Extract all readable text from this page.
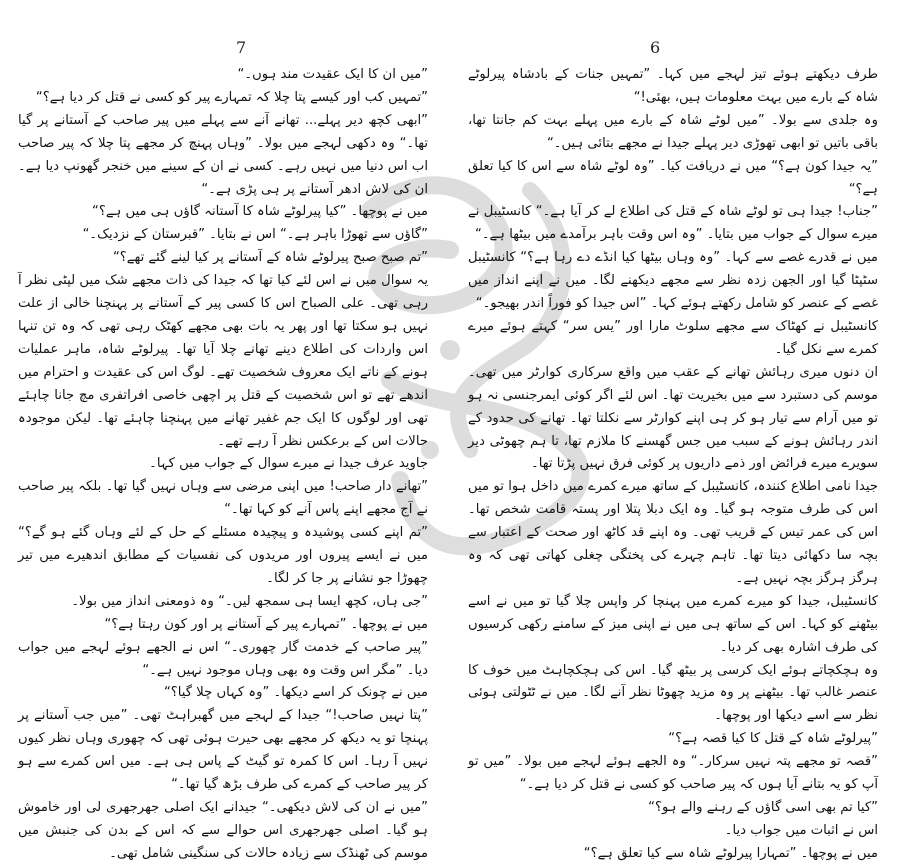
7	6

طرف دیکھتے ہوئے تیز لہجے میں کہا۔ ”تمہیں جنات کے بادشاہ پیرلوٹے شاہ کے بارے میں بہت معلومات ہیں، بھئی!“

وہ جلدی سے بولا۔ ”میں لوٹے شاہ کے بارے میں پہلے بہت کم جانتا تھا، باقی باتیں تو ابھی تھوڑی دیر پہلے جیدا نے مجھے بتائی ہیں۔“

”یہ جیدا کون ہے؟“ میں نے دریافت کیا۔ ”وہ لوٹے شاہ سے اس کا کیا تعلق ہے؟“

”جناب! جیدا ہی تو لوٹے شاہ کے قتل کی اطلاع لے کر آیا ہے۔“ کانسٹیبل نے میرے سوال کے جواب میں بتایا۔ ”وہ اس وقت باہر برآمدے میں بیٹھا ہے۔“

میں نے قدرے غصے سے کہا۔ ”وہ وہاں بیٹھا کیا انڈے دے رہا ہے؟“ کانسٹیبل سٹپٹا گیا اور الجھن زدہ نظر سے مجھے دیکھنے لگا۔ میں نے اپنے انداز میں غصے کے عنصر کو شامل رکھتے ہوئے کہا۔ ”اس جیدا کو فوراً اندر بھیجو۔“

کانسٹیبل نے کھٹاک سے مجھے سلوٹ مارا اور ”یس سر“ کہتے ہوئے میرے کمرے سے نکل گیا۔

ان دنوں میری رہائش تھانے کے عقب میں واقع سرکاری کوارٹر میں تھی۔ موسم کی دستبرد سے میں بخیریت تھا۔ اس لئے اگر کوئی ایمرجنسی نہ ہو تو میں آرام سے تیار ہو کر ہی اپنے کوارٹر سے نکلتا تھا۔ تھانے کی حدود کے اندر رہائش ہونے کے سبب میں جس گھسنے کا ملازم تھا، تا ہم چھوٹی دیر سویرے میرے فرائض اور ذمے داریوں پر کوئی فرق نہیں پڑتا تھا۔

جیدا نامی اطلاع کنندہ، کانسٹیبل کے ساتھ میرے کمرے میں داخل ہوا تو میں اس کی طرف متوجہ ہو گیا۔ وہ ایک دبلا پتلا اور پستہ قامت شخص تھا۔ اس کی عمر تیس کے قریب تھی۔ وہ اپنے قد کاٹھ اور صحت کے اعتبار سے بچہ سا دکھائی دیتا تھا۔ تاہم چہرے کی پختگی چغلی کھاتی تھی کہ وہ ہرگز ہرگز بچہ نہیں ہے۔

کانسٹیبل، جیدا کو میرے کمرے میں پہنچا کر واپس چلا گیا تو میں نے اسے بیٹھنے کو کہا۔ اس کے ساتھ ہی میں نے اپنی میز کے سامنے رکھی کرسیوں کی طرف اشارہ بھی کر دیا۔

وہ ہچکچاتے ہوئے ایک کرسی پر بیٹھ گیا۔ اس کی ہچکچاہٹ میں خوف کا عنصر غالب تھا۔ بیٹھنے پر وہ مزید چھوٹا نظر آنے لگا۔ میں نے ٹٹولتی ہوئی نظر سے اسے دیکھا اور پوچھا۔

”پیرلوٹے شاہ کے قتل کا کیا قصہ ہے؟“

”قصہ تو مجھے پتہ نہیں سرکار۔“ وہ الجھے ہوئے لہجے میں بولا۔ ”میں تو آپ کو یہ بتانے آیا ہوں کہ پیر صاحب کو کسی نے قتل کر دیا ہے۔“

”کیا تم بھی اسی گاؤں کے رہنے والے ہو؟“

اس نے اثبات میں جواب دیا۔

میں نے پوچھا۔ ”تمہارا پیرلوٹے شاہ سے کیا تعلق ہے؟“

”میں ان کا ایک عقیدت مند ہوں۔“

”تمہیں کب اور کیسے پتا چلا کہ تمہارے پیر کو کسی نے قتل کر دیا ہے؟“

”ابھی کچھ دیر پہلے... تھانے آنے سے پہلے میں پیر صاحب کے آستانے پر گیا تھا۔“ وہ دکھی لہجے میں بولا۔ ”وہاں پہنچ کر مجھے پتا چلا کہ پیر صاحب اب اس دنیا میں نہیں رہے۔ کسی نے ان کے سینے میں خنجر گھونپ دیا ہے۔ ان کی لاش ادھر آستانے پر ہی پڑی ہے۔“

میں نے پوچھا۔ ”کیا پیرلوٹے شاہ کا آستانہ گاؤں ہی میں ہے؟“

”گاؤں سے تھوڑا باہر ہے۔“ اس نے بتایا۔ ”قبرستان کے نزدیک۔“

”تم صبح صبح پیرلوٹے شاہ کے آستانے پر کیا لینے گئے تھے؟“

یہ سوال میں نے اس لئے کیا تھا کہ جیدا کی ذات مجھے شک میں لپٹی نظر آ رہی تھی۔ علی الصباح اس کا کسی پیر کے آستانے پر پہنچنا خالی از علت نہیں ہو سکتا تھا اور پھر یہ بات بھی مجھے کھٹک رہی تھی کہ وہ تن تنہا اس واردات کی اطلاع دینے تھانے چلا آیا تھا۔ پیرلوٹے شاہ، ماہر عملیات ہونے کے ناتے ایک معروف شخصیت تھے۔ لوگ اس کی عقیدت و احترام میں اندھے تھے تو اس شخصیت کے قتل پر اچھی خاصی افراتفری مچ جانا چاہئے تھی اور لوگوں کا ایک جم غفیر تھانے میں پہنچنا چاہئے تھا۔ لیکن موجودہ حالات اس کے برعکس نظر آ رہے تھے۔

جاوید عرف جیدا نے میرے سوال کے جواب میں کہا۔

”تھانے دار صاحب! میں اپنی مرضی سے وہاں نہیں گیا تھا۔ بلکہ پیر صاحب نے آج مجھے اپنے پاس آنے کو کہا تھا۔“

”تم اپنے کسی پوشیدہ و پیچیدہ مسئلے کے حل کے لئے وہاں گئے ہو گے؟“ میں نے ایسے پیروں اور مریدوں کی نفسیات کے مطابق اندھیرے میں تیر چھوڑا جو نشانے پر جا کر لگا۔

”جی ہاں، کچھ ایسا ہی سمجھ لیں۔“ وہ ذومعنی انداز میں بولا۔

میں نے پوچھا۔ ”تمہارے پیر کے آستانے پر اور کون رہتا ہے؟“

”پیر صاحب کے خدمت گار چھوری۔“ اس نے الجھے ہوئے لہجے میں جواب دیا۔ ”مگر اس وقت وہ بھی وہاں موجود نہیں ہے۔“

میں نے چونک کر اسے دیکھا۔ ”وہ کہاں چلا گیا؟“

”پتا نہیں صاحب!“ جیدا کے لہجے میں گھبراہٹ تھی۔ ”میں جب آستانے پر پہنچا تو یہ دیکھ کر مجھے بھی حیرت ہوئی تھی کہ چھوری وہاں نظر کیوں نہیں آ رہا۔ اس کا کمرہ تو گیٹ کے پاس ہی ہے۔ میں اس کمرے سے ہو کر پیر صاحب کے کمرے کی طرف بڑھ گیا تھا۔“

”میں نے ان کی لاش دیکھی۔“ جیدانے ایک اصلی جھرجھری لی اور خاموش ہو گیا۔ اصلی جھرجھری اس حوالے سے کہ اس کے بدن کی جنبش میں موسم کی ٹھنڈک سے زیادہ حالات کی سنگینی شامل تھی۔
